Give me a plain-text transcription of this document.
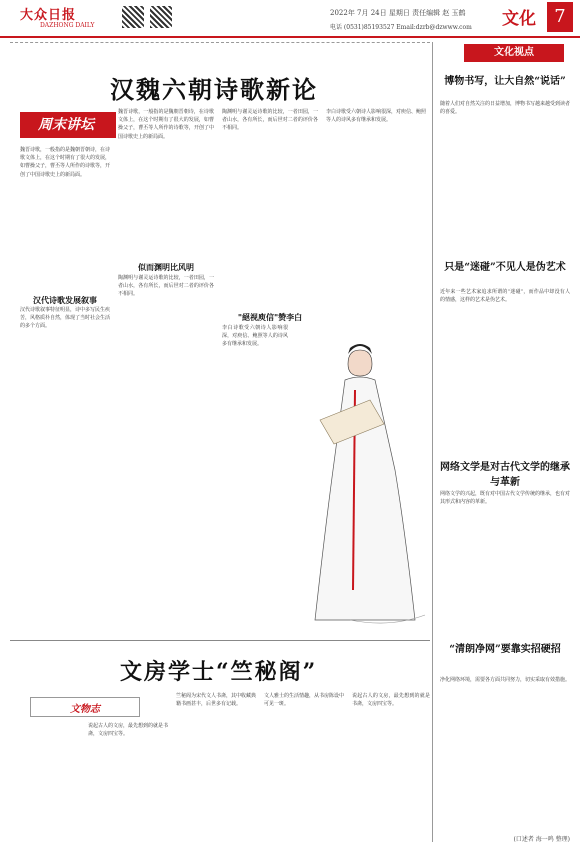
大众日报
DAZHONG DAILY
2022年 7月 24日 星期日 责任编辑 赵 玉鹤
电话 (0531)85193527 Email:dzrb@dzwww.com 文化	7
汉魏六朝诗歌新论
周末讲坛
魏晋诗歌，一般指的是魏朝晋朝诗，在诗歌文体上，在这个时期有了很大的发展，如曹操父子，曹丕等人所作的诗歌等，开创了中国诗歌史上的新局面。
汉代诗歌发展叙事
汉代诗歌叙事特征明显，诗中多写民生疾苦，风格质朴自然，体现了当时社会生活的多个方面。
魏晋诗歌，一般指的是魏朝晋朝诗，在诗歌文体上，在这个时期有了很大的发展，如曹操父子，曹丕等人所作的诗歌等，开创了中国诗歌史上的新局面。
似而渊明比风明
陶渊明与谢灵运诗歌的比较，一者田园，一者山水，各有所长，而后世对二者的评价各不相同。
陶渊明与谢灵运诗歌的比较，一者田园，一者山水，各有所长，而后世对二者的评价各不相同。
"絕视庾信"赞李白
李白诗歌受六朝诗人影响很深，对庾信、鲍照等人的诗风多有继承和发展。
李白诗歌受六朝诗人影响很深，对庾信、鲍照等人的诗风多有继承和发展。
文房学士“竺秘阁”
文物志
说起古人的文房，最先想到的就是书斋，文房四宝等。
竺秘阁为宋代文人书斋，其中收藏典籍书画甚丰，后世多有记载。
文人雅士的生活情趣，从书房陈设中可见一斑。
说起古人的文房，最先想到的就是书斋，文房四宝等。
文化视点
博物书写，让大自然“说话”
随着人们对自然关注的日益增加，博物书写越来越受到读者的喜爱。
只是“迷碰”不见人是伪艺术
近年来一些艺术家追求所谓的“迷碰”，而作品中却没有人的情感，这样的艺术是伪艺术。
网络文学是对古代文学的继承与革新
网络文学的兴起，既有对中国古代文学传统的继承，也有对其形式和内容的革新。
“清朗净网”要靠实招硬招
净化网络环境，需要各方面共同努力，切实采取有效措施。
(口述者 海一鸣 整理)
